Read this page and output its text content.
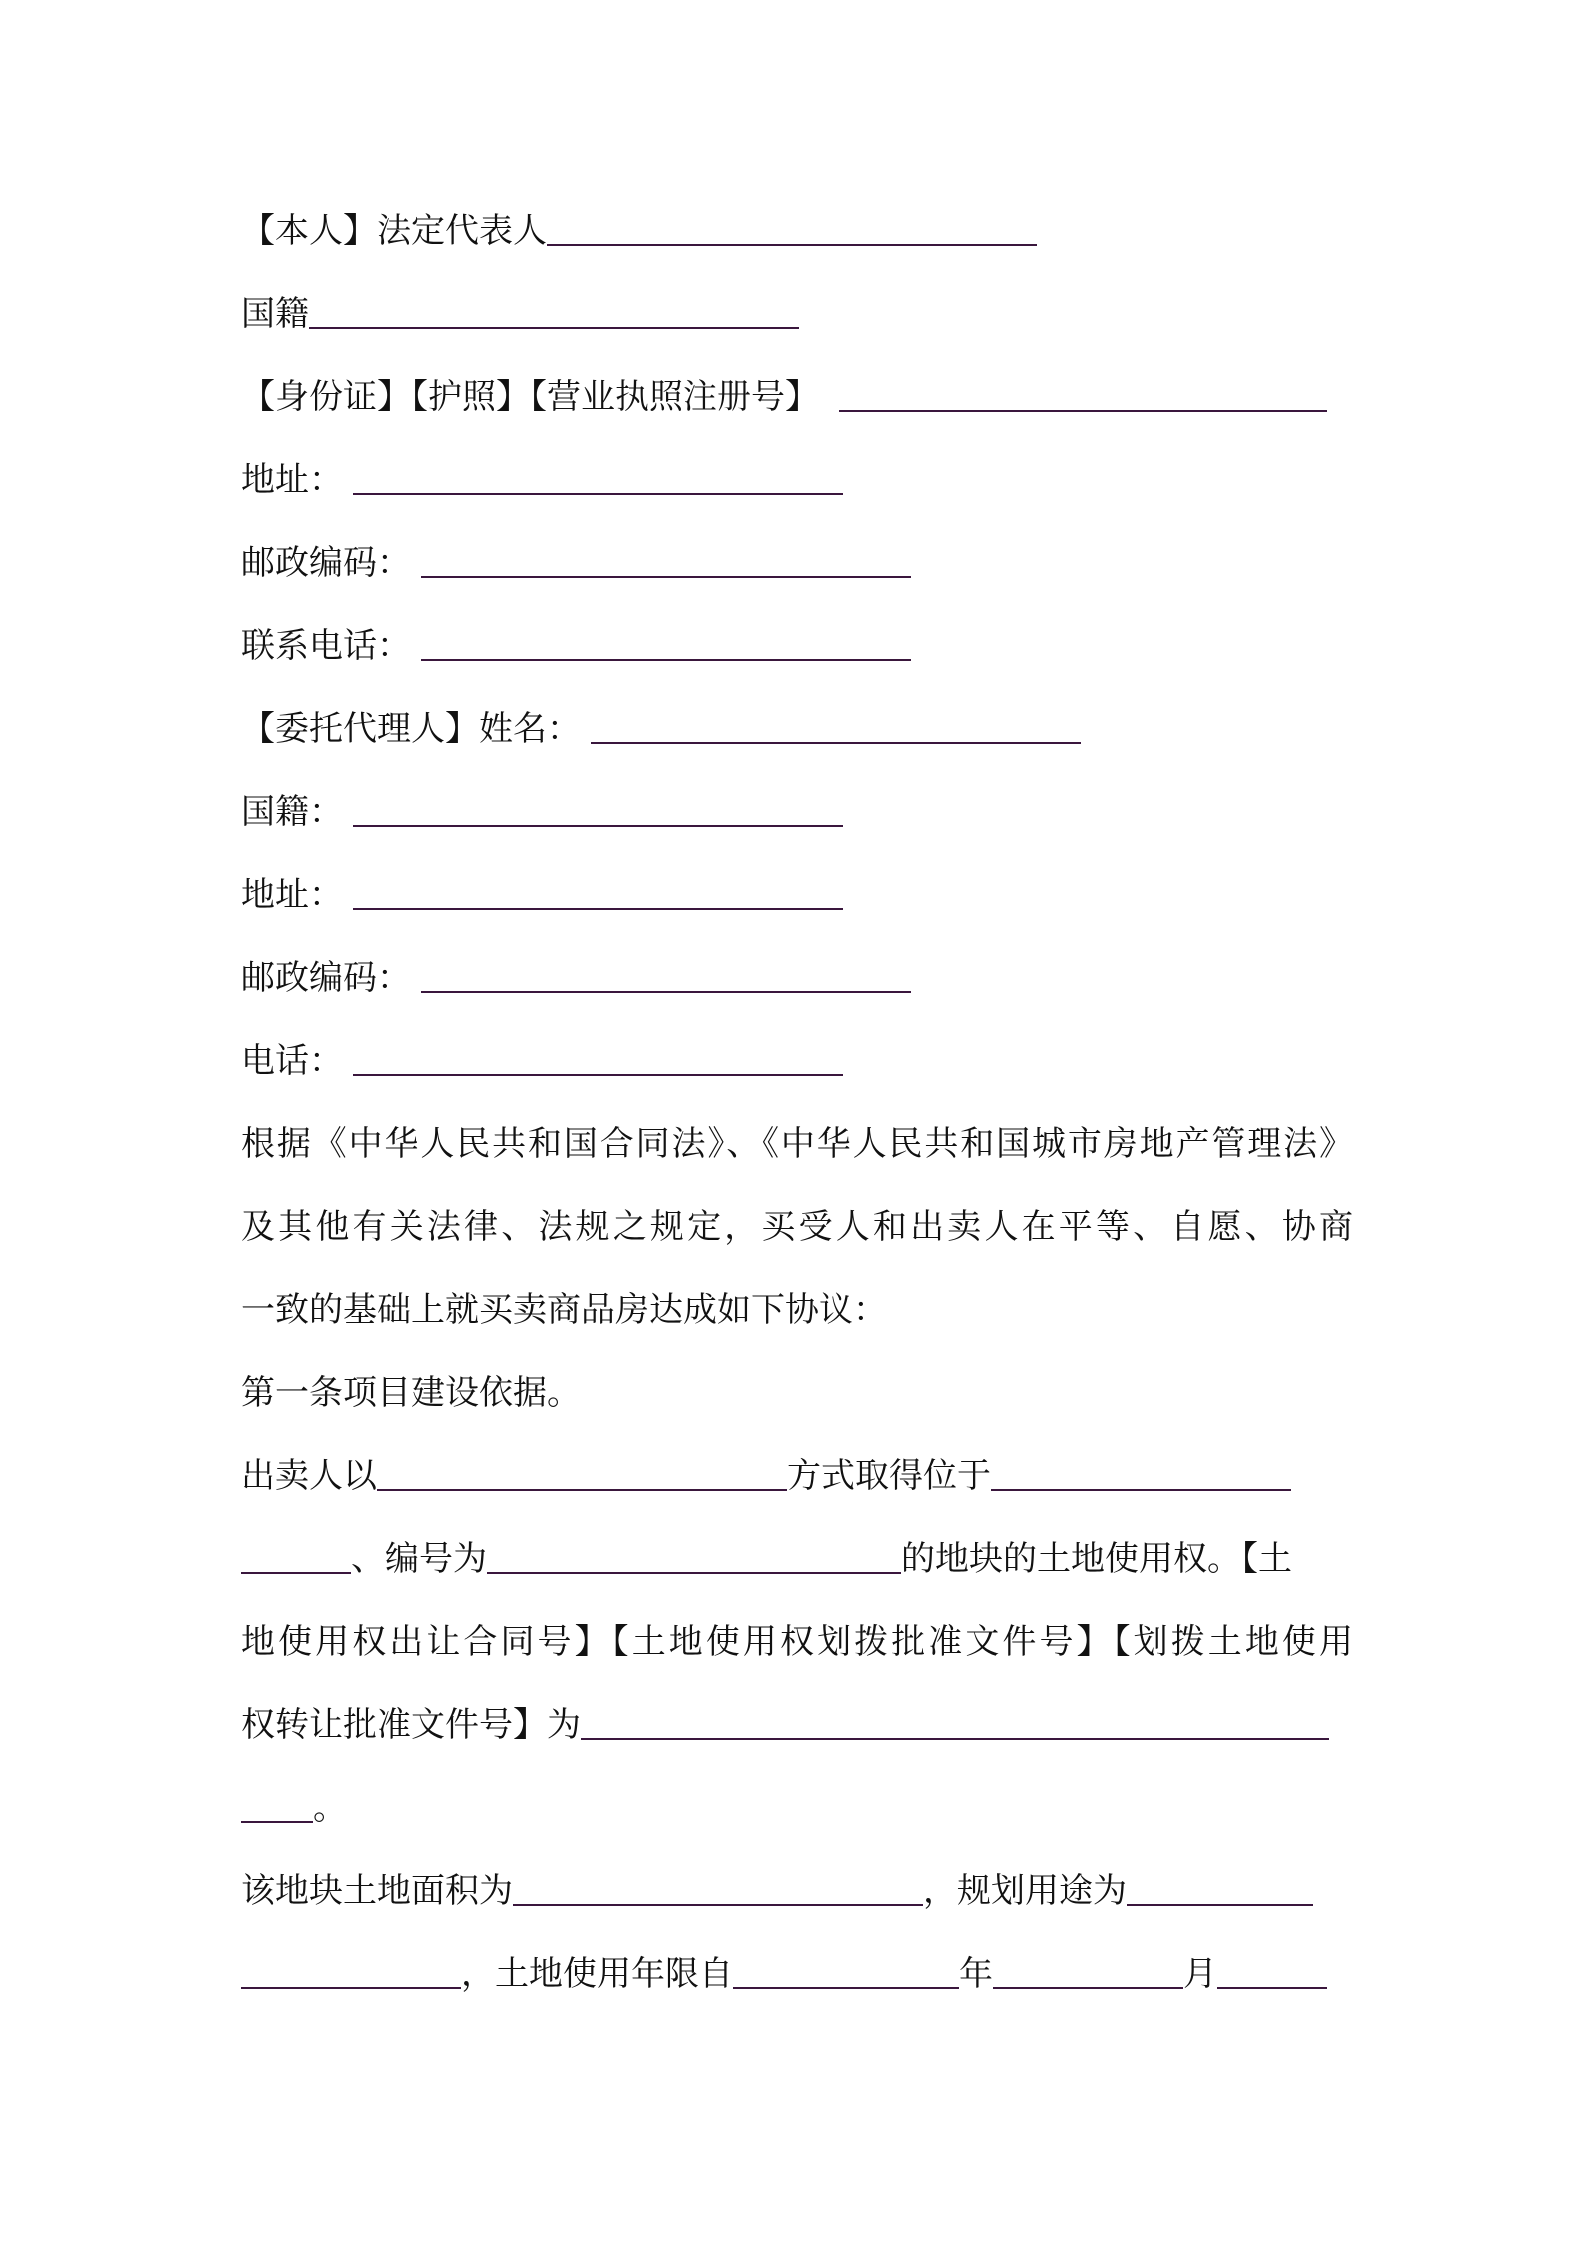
【本人】法定代表人
国籍
【身份证】【护照】【营业执照注册号】
地址：
邮政编码：
联系电话：
【委托代理人】姓名：
国籍：
地址：
邮政编码：
电话：
根据《中华人民共和国合同法》、《中华人民共和国城市房地产管理法》
及其他有关法律、法规之规定，买受人和出卖人在平等、自愿、协商
一致的基础上就买卖商品房达成如下协议：
第一条项目建设依据。
出卖人以	方式取得位于
、编号为	的地块的土地使用权。【土
地使用权出让合同号】【土地使用权划拨批准文件号】【划拨土地使用
权转让批准文件号】为
。
该地块土地面积为	，规划用途为
，土地使用年限自	年	月
